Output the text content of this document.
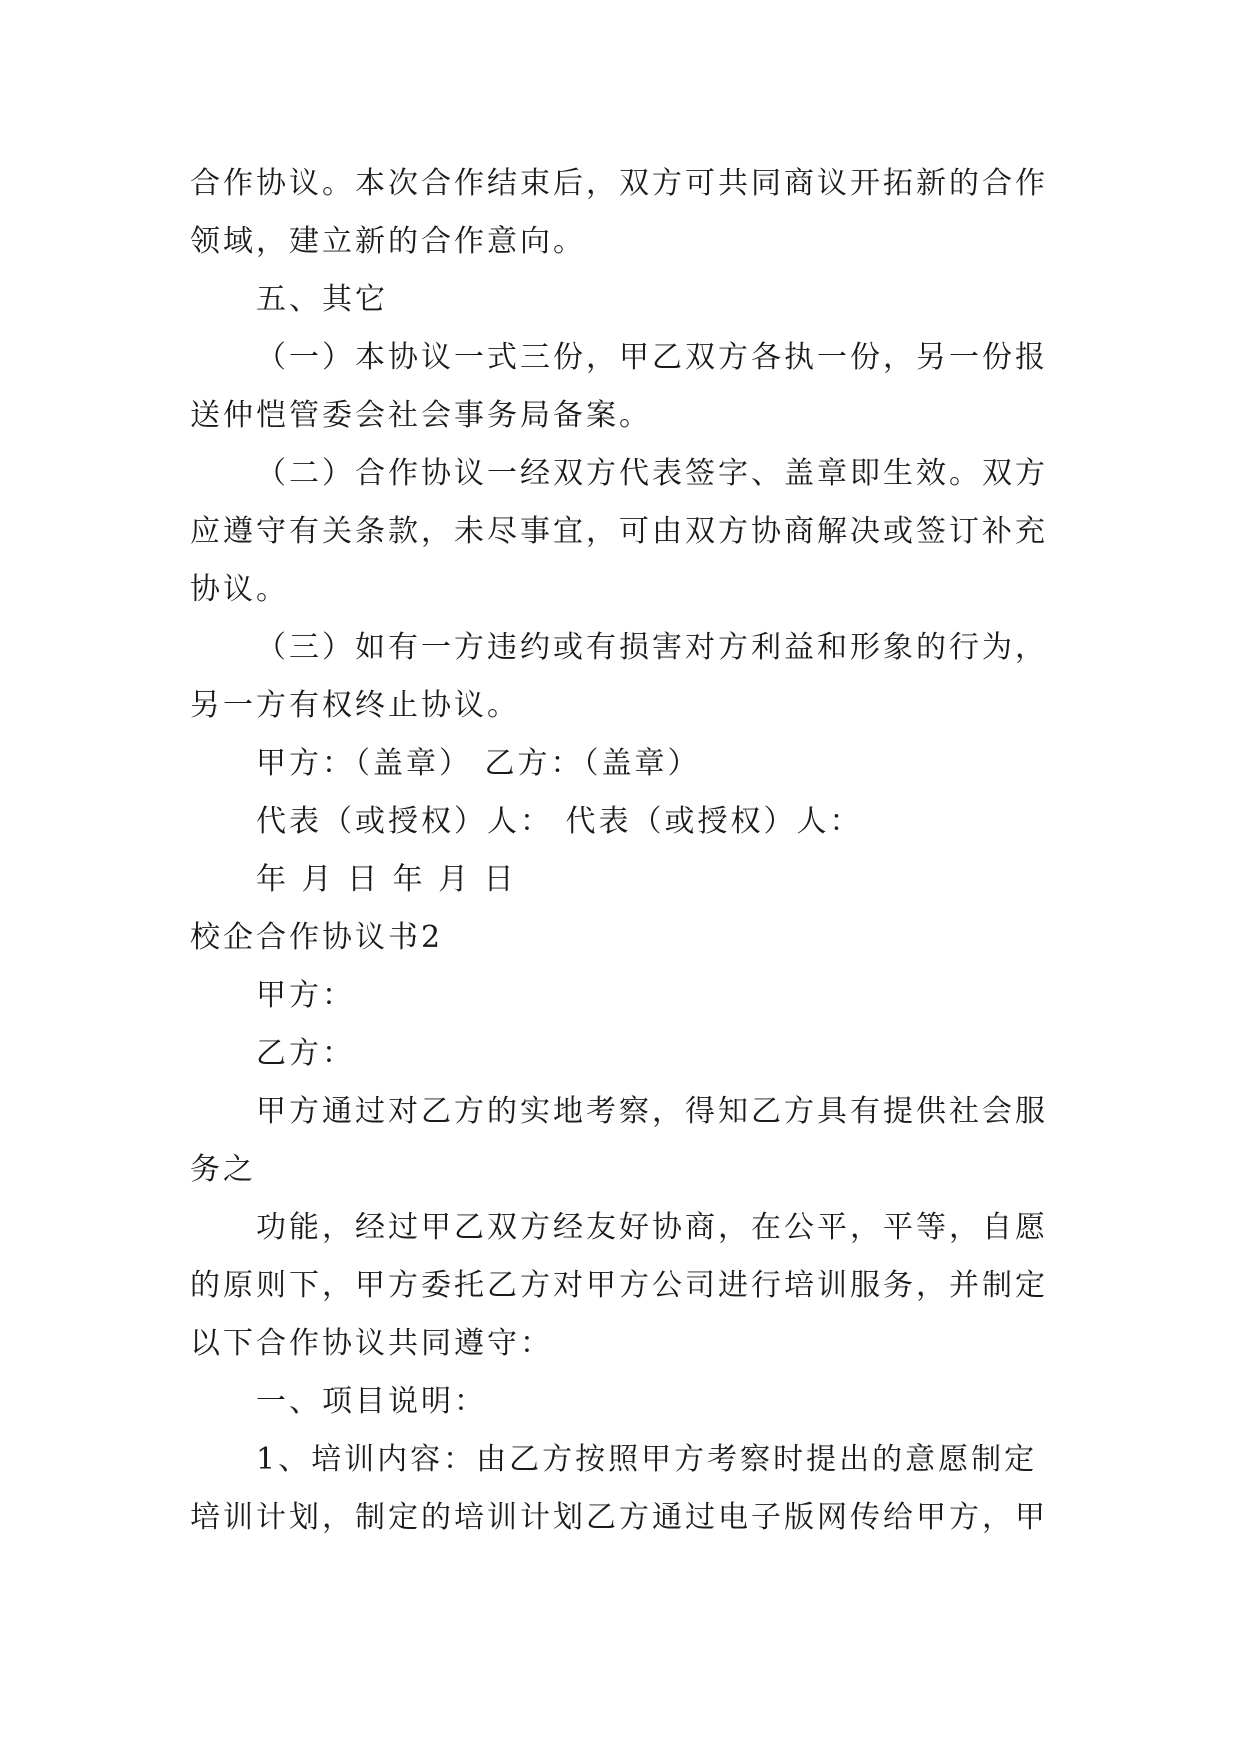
合作协议。本次合作结束后，双方可共同商议开拓新的合作
领域，建立新的合作意向。
五、其它
（一）本协议一式三份，甲乙双方各执一份，另一份报
送仲恺管委会社会事务局备案。
（二）合作协议一经双方代表签字、盖章即生效。双方
应遵守有关条款，未尽事宜，可由双方协商解决或签订补充
协议。
（三）如有一方违约或有损害对方利益和形象的行为，
另一方有权终止协议。
甲方：（盖章） 乙方：（盖章）
代表（或授权）人： 代表（或授权）人：
年 月 日 年 月 日
校企合作协议书2
甲方：
乙方：
甲方通过对乙方的实地考察，得知乙方具有提供社会服
务之
功能，经过甲乙双方经友好协商，在公平，平等，自愿
的原则下，甲方委托乙方对甲方公司进行培训服务，并制定
以下合作协议共同遵守：
一、项目说明：
1、培训内容：由乙方按照甲方考察时提出的意愿制定
培训计划，制定的培训计划乙方通过电子版网传给甲方，甲
